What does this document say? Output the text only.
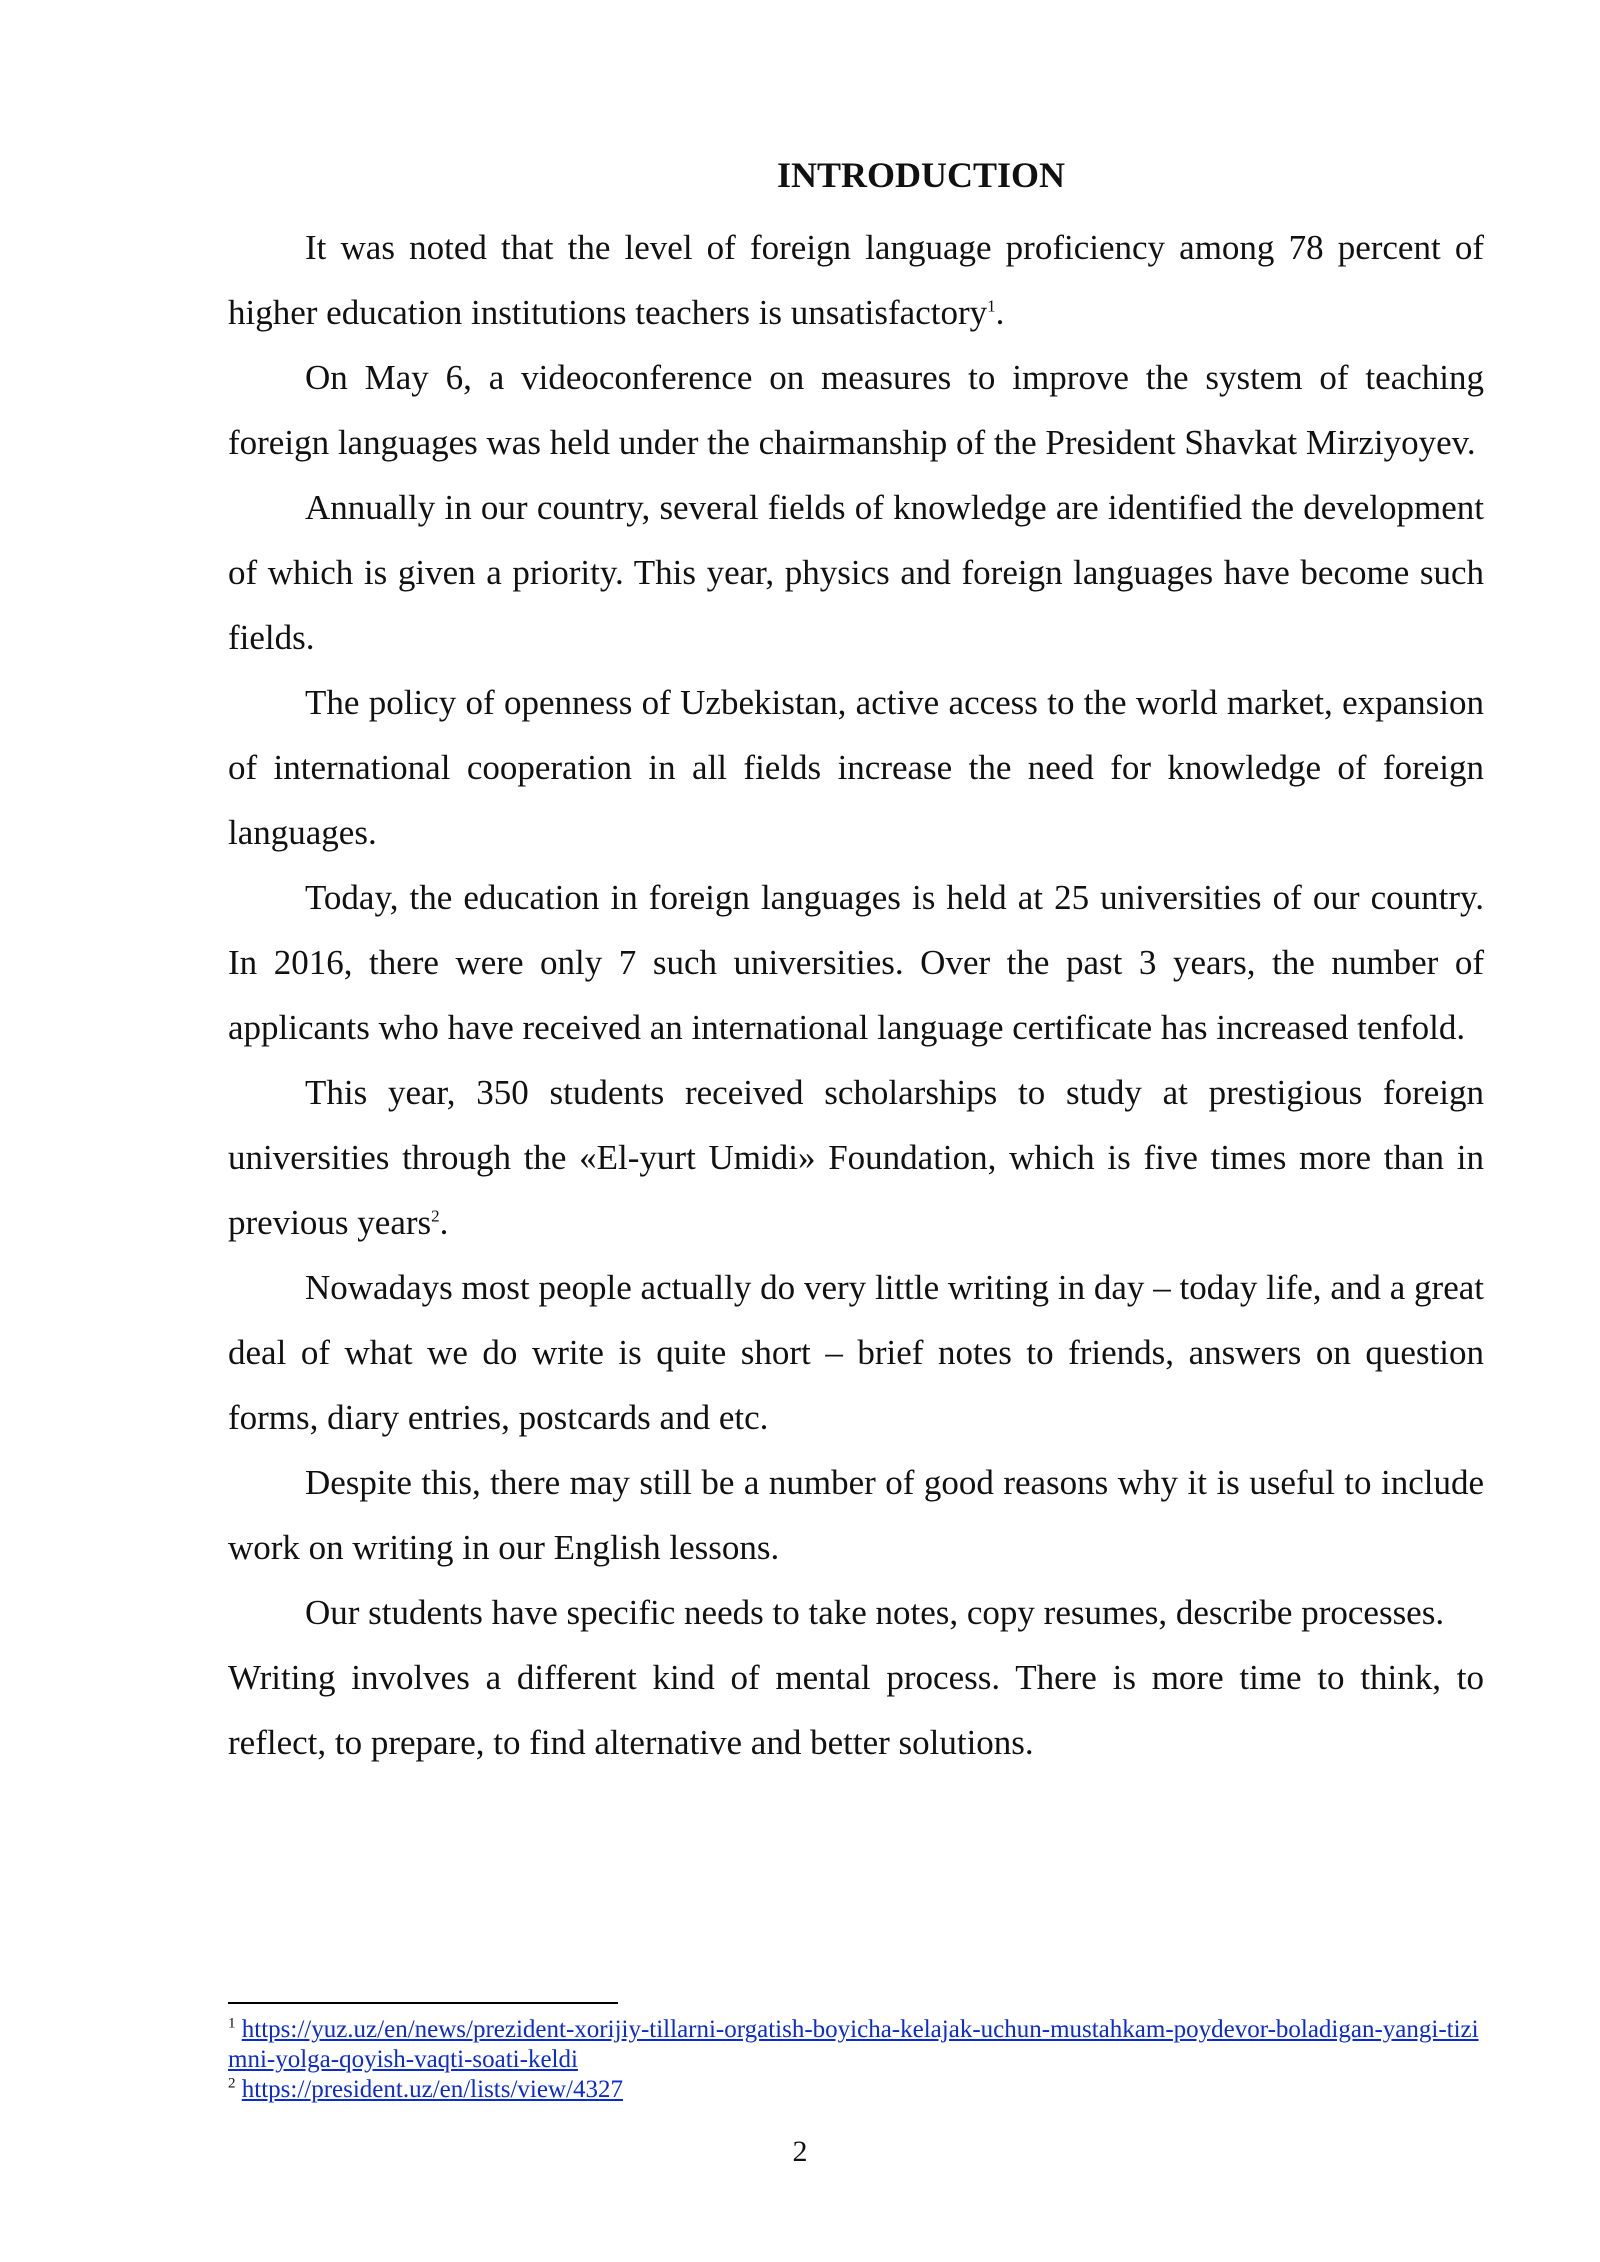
INTRODUCTION

It was noted that the level of foreign language proficiency among 78 percent of higher education institutions teachers is unsatisfactory$^1$.

On May 6, a videoconference on measures to improve the system of teaching foreign languages was held under the chairmanship of the President Shavkat Mirziyoyev.

Annually in our country, several fields of knowledge are identified the development of which is given a priority. This year, physics and foreign languages have become such fields.

The policy of openness of Uzbekistan, active access to the world market, expansion of international cooperation in all fields increase the need for knowledge of foreign languages.

Today, the education in foreign languages is held at 25 universities of our country. In 2016, there were only 7 such universities. Over the past 3 years, the number of applicants who have received an international language certificate has increased tenfold.

This year, 350 students received scholarships to study at prestigious foreign universities through the «El-yurt Umidi» Foundation, which is five times more than in previous years$^2$.

Nowadays most people actually do very little writing in day – today life, and a great deal of what we do write is quite short – brief notes to friends, answers on question forms, diary entries, postcards and etc.

Despite this, there may still be a number of good reasons why it is useful to include work on writing in our English lessons.

Our students have specific needs to take notes, copy resumes, describe processes.

Writing involves a different kind of mental process. There is more time to think, to reflect, to prepare, to find alternative and better solutions.

$^1$ https://yuz.uz/en/news/prezident-xorijiy-tillarni-orgatish-boyicha-kelajak-uchun-mustahkam-poydevor-boladigan-yangi-tizimni-yolga-qoyish-vaqti-soati-keldi
$^2$ https://president.uz/en/lists/view/4327
2
